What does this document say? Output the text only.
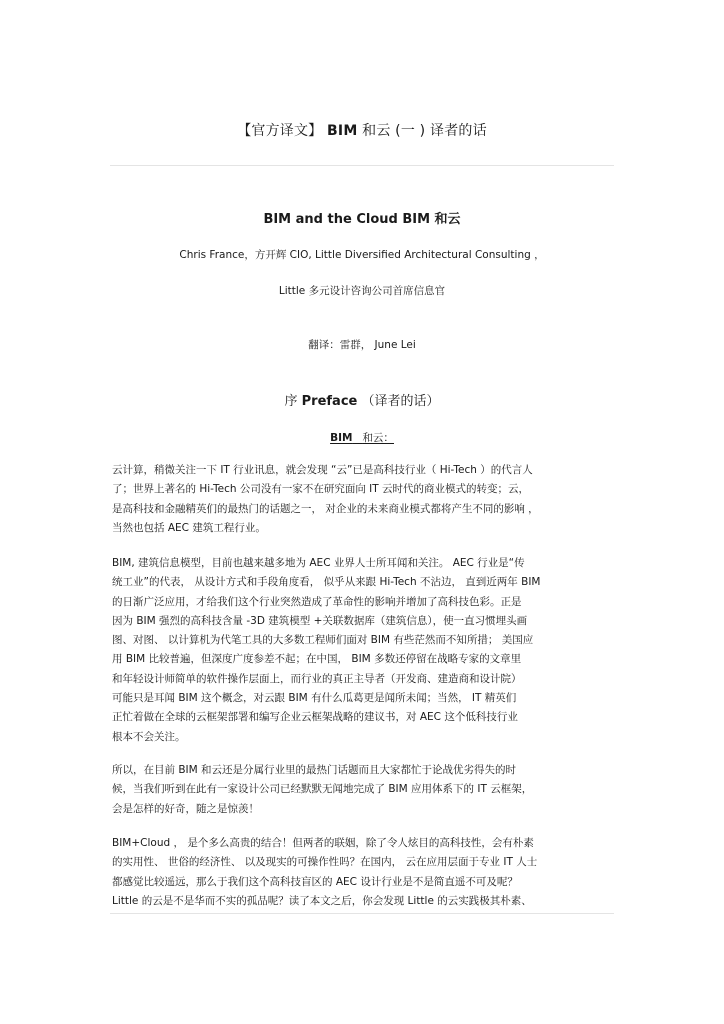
【官方译文】 BIM 和云 (一 ) 译者的话
BIM and the Cloud BIM 和云
Chris France，方开辉 CIO, Little Diversified Architectural Consulting ，
Little 多元设计咨询公司首席信息官
翻译：雷群， June Lei
序 Preface （译者的话）
BIM 和云：

云计算，稍微关注一下 IT 行业讯息，就会发现 “云”已是高科技行业（ Hi-Tech ）的代言人

了；世界上著名的 Hi-Tech 公司没有一家不在研究面向 IT 云时代的商业模式的转变；云，

是高科技和金融精英们的最热门的话题之一， 对企业的未来商业模式都将产生不同的影响 ，

当然也包括 AEC 建筑工程行业。

BIM, 建筑信息模型，目前也越来越多地为 AEC 业界人士所耳闻和关注。 AEC 行业是“传

统工业”的代表， 从设计方式和手段角度看， 似乎从来跟 Hi-Tech 不沾边， 直到近两年 BIM

的日渐广泛应用，才给我们这个行业突然造成了革命性的影响并增加了高科技色彩。正是

因为 BIM 强烈的高科技含量 -3D 建筑模型 +关联数据库（建筑信息），使一直习惯埋头画

图、对图、 以计算机为代笔工具的大多数工程师们面对 BIM 有些茫然而不知所措； 美国应

用 BIM 比较普遍，但深度广度参差不起；在中国， BIM 多数还停留在战略专家的文章里

和年轻设计师简单的软件操作层面上，而行业的真正主导者（开发商、建造商和设计院）

可能只是耳闻 BIM 这个概念，对云跟 BIM 有什么瓜葛更是闻所未闻；当然， IT 精英们

正忙着做在全球的云框架部署和编写企业云框架战略的建议书，对 AEC 这个低科技行业

根本不会关注。

所以，在目前 BIM 和云还是分属行业里的最热门话题而且大家都忙于论战优劣得失的时

候，当我们听到在此有一家设计公司已经默默无闻地完成了 BIM 应用体系下的 IT 云框架，

会是怎样的好奇，随之是惊羡！

BIM+Cloud ， 是个多么高贵的结合！但两者的联姻，除了令人炫目的高科技性，会有朴素

的实用性、 世俗的经济性、 以及现实的可操作性吗？在国内， 云在应用层面于专业 IT 人士

都感觉比较遥远，那么于我们这个高科技盲区的 AEC 设计行业是不是简直遥不可及呢？

Little 的云是不是华而不实的孤品呢？读了本文之后，你会发现 Little 的云实践极其朴素、
